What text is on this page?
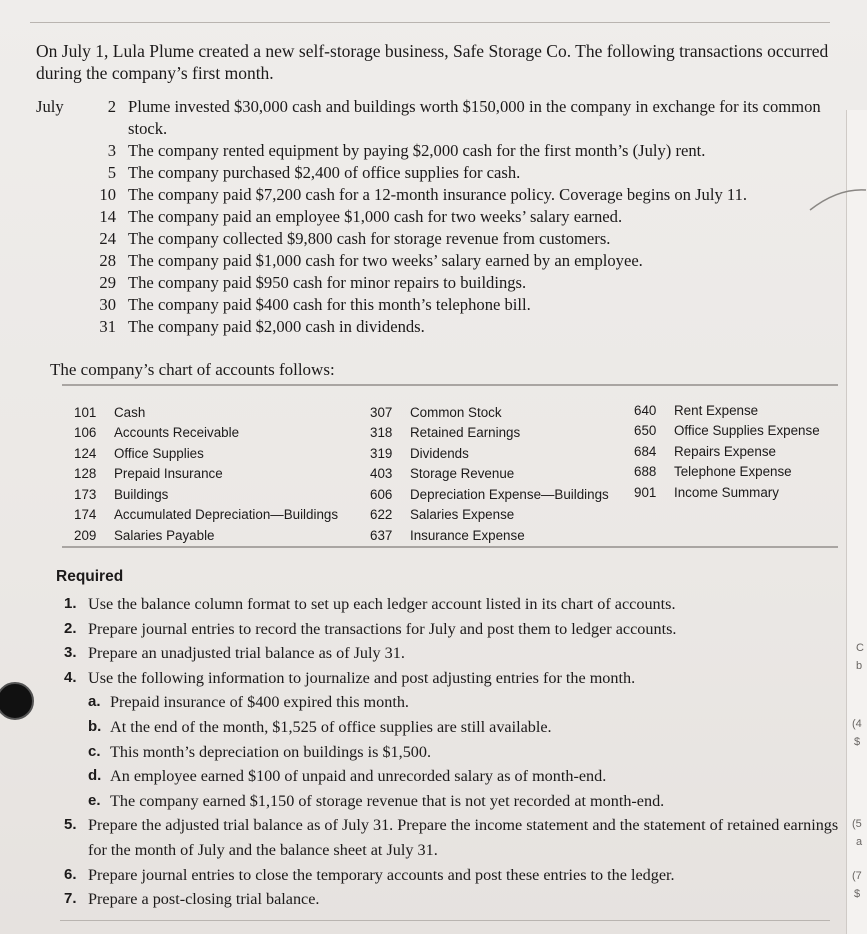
On July 1, Lula Plume created a new self-storage business, Safe Storage Co. The following transactions occurred during the company’s first month.

July	2 Plume invested $30,000 cash and buildings worth $150,000 in the company in exchange for its common stock.
3 The company rented equipment by paying $2,000 cash for the first month’s (July) rent.
5 The company purchased $2,400 of office supplies for cash.
10 The company paid $7,200 cash for a 12-month insurance policy. Coverage begins on July 11.
14 The company paid an employee $1,000 cash for two weeks’ salary earned.
24 The company collected $9,800 cash for storage revenue from customers.
28 The company paid $1,000 cash for two weeks’ salary earned by an employee.
29 The company paid $950 cash for minor repairs to buildings.
30 The company paid $400 cash for this month’s telephone bill.
31 The company paid $2,000 cash in dividends.

The company’s chart of accounts follows:

101	Cash
106	Accounts Receivable
124	Office Supplies
128	Prepaid Insurance
173	Buildings
174	Accumulated Depreciation—Buildings
209	Salaries Payable
307	Common Stock
318	Retained Earnings
319	Dividends
403	Storage Revenue
606	Depreciation Expense—Buildings
622	Salaries Expense
637	Insurance Expense
640	Rent Expense
650	Office Supplies Expense
684	Repairs Expense
688	Telephone Expense
901	Income Summary
Required
1. Use the balance column format to set up each ledger account listed in its chart of accounts.
2. Prepare journal entries to record the transactions for July and post them to ledger accounts.
3. Prepare an unadjusted trial balance as of July 31.
4. Use the following information to journalize and post adjusting entries for the month.
a. Prepaid insurance of $400 expired this month.
b. At the end of the month, $1,525 of office supplies are still available.
c. This month’s depreciation on buildings is $1,500.
d. An employee earned $100 of unpaid and unrecorded salary as of month-end.
e. The company earned $1,150 of storage revenue that is not yet recorded at month-end.
5. Prepare the adjusted trial balance as of July 31. Prepare the income statement and the statement of retained earnings for the month of July and the balance sheet at July 31.
6. Prepare journal entries to close the temporary accounts and post these entries to the ledger.
7. Prepare a post-closing trial balance.
C
b
(4
$
(5
a
(7
$
